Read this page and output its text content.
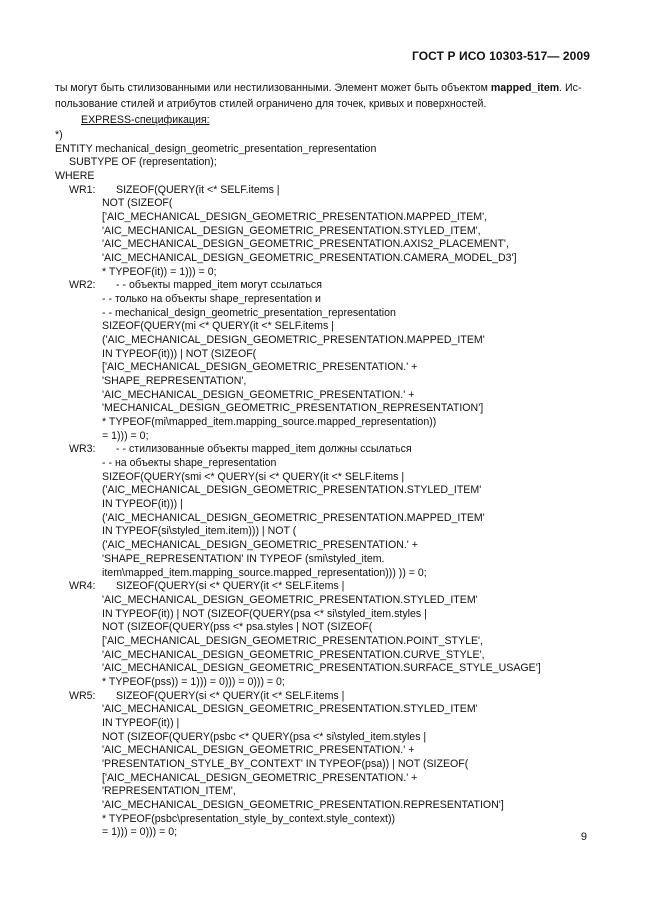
ГОСТ Р ИСО 10303-517— 2009
ты могут быть стилизованными или нестилизованными. Элемент может быть объектом mapped_item. Ис-
пользование стилей и атрибутов стилей ограничено для точек, кривых и поверхностей.
EXPRESS-спецификация:
*)
ENTITY mechanical_design_geometric_presentation_representation
SUBTYPE OF (representation);
WHERE
WR1: SIZEOF(QUERY(it <* SELF.items |
NOT (SIZEOF(
['AIC_MECHANICAL_DESIGN_GEOMETRIC_PRESENTATION.MAPPED_ITEM',
'AIC_MECHANICAL_DESIGN_GEOMETRIC_PRESENTATION.STYLED_ITEM',
'AIC_MECHANICAL_DESIGN_GEOMETRIC_PRESENTATION.AXIS2_PLACEMENT',
'AIC_MECHANICAL_DESIGN_GEOMETRIC_PRESENTATION.CAMERA_MODEL_D3']
* TYPEOF(it)) = 1))) = 0;
WR2: - - объекты mapped_item могут ссылаться
- - только на объекты shape_representation и
- - mechanical_design_geometric_presentation_representation
SIZEOF(QUERY(mi <* QUERY(it <* SELF.items |
('AIC_MECHANICAL_DESIGN_GEOMETRIC_PRESENTATION.MAPPED_ITEM'
IN TYPEOF(it))) | NOT (SIZEOF(
['AIC_MECHANICAL_DESIGN_GEOMETRIC_PRESENTATION.' +
'SHAPE_REPRESENTATION',
'AIC_MECHANICAL_DESIGN_GEOMETRIC_PRESENTATION.' +
'MECHANICAL_DESIGN_GEOMETRIC_PRESENTATION_REPRESENTATION']
* TYPEOF(mi\mapped_item.mapping_source.mapped_representation))
= 1))) = 0;
WR3: - - стилизованные объекты mapped_item должны ссылаться
- - на объекты shape_representation
SIZEOF(QUERY(smi <* QUERY(si <* QUERY(it <* SELF.items |
('AIC_MECHANICAL_DESIGN_GEOMETRIC_PRESENTATION.STYLED_ITEM'
IN TYPEOF(it))) |
('AIC_MECHANICAL_DESIGN_GEOMETRIC_PRESENTATION.MAPPED_ITEM'
IN TYPEOF(si\styled_item.item))) | NOT (
('AIC_MECHANICAL_DESIGN_GEOMETRIC_PRESENTATION.' +
'SHAPE_REPRESENTATION' IN TYPEOF (smi\styled_item.
item\mapped_item.mapping_source.mapped_representation))) )) = 0;
WR4: SIZEOF(QUERY(si <* QUERY(it <* SELF.items |
'AIC_MECHANICAL_DESIGN_GEOMETRIC_PRESENTATION.STYLED_ITEM'
IN TYPEOF(it)) | NOT (SIZEOF(QUERY(psa <* si\styled_item.styles |
NOT (SIZEOF(QUERY(pss <* psa.styles | NOT (SIZEOF(
['AIC_MECHANICAL_DESIGN_GEOMETRIC_PRESENTATION.POINT_STYLE',
'AIC_MECHANICAL_DESIGN_GEOMETRIC_PRESENTATION.CURVE_STYLE',
'AIC_MECHANICAL_DESIGN_GEOMETRIC_PRESENTATION.SURFACE_STYLE_USAGE']
* TYPEOF(pss)) = 1))) = 0))) = 0))) = 0;
WR5: SIZEOF(QUERY(si <* QUERY(it <* SELF.items |
'AIC_MECHANICAL_DESIGN_GEOMETRIC_PRESENTATION.STYLED_ITEM'
IN TYPEOF(it)) |
NOT (SIZEOF(QUERY(psbc <* QUERY(psa <* si\styled_item.styles |
'AIC_MECHANICAL_DESIGN_GEOMETRIC_PRESENTATION.' +
'PRESENTATION_STYLE_BY_CONTEXT' IN TYPEOF(psa)) | NOT (SIZEOF(
['AIC_MECHANICAL_DESIGN_GEOMETRIC_PRESENTATION.' +
'REPRESENTATION_ITEM',
'AIC_MECHANICAL_DESIGN_GEOMETRIC_PRESENTATION.REPRESENTATION']
* TYPEOF(psbc\presentation_style_by_context.style_context))
= 1))) = 0))) = 0;	9
